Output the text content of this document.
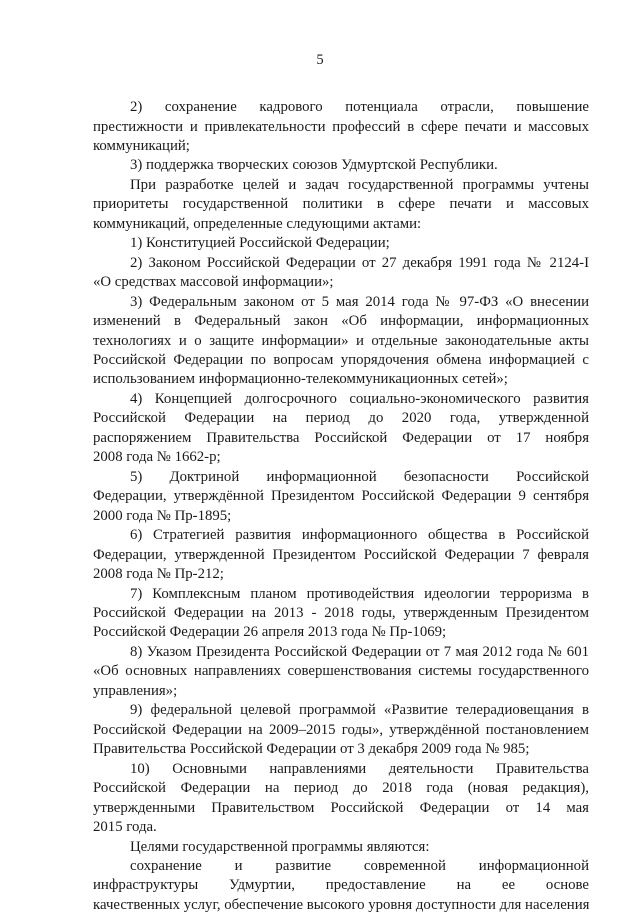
5
2) сохранение кадрового потенциала отрасли, повышение
престижности и привлекательности профессий в сфере печати и массовых
коммуникаций;
3) поддержка творческих союзов Удмуртской Республики.
При разработке целей и задач государственной программы учтены
приоритеты государственной политики в сфере печати и массовых
коммуникаций, определенные следующими актами:
1) Конституцией Российской Федерации;
2) Законом Российской Федерации от 27 декабря 1991 года № 2124-I
«О средствах массовой информации»;
3) Федеральным законом от 5 мая 2014 года № 97-ФЗ «О внесении
изменений в Федеральный закон «Об информации, информационных
технологиях и о защите информации» и отдельные законодательные акты
Российской Федерации по вопросам упорядочения обмена информацией с
использованием информационно-телекоммуникационных сетей»;
4) Концепцией долгосрочного социально-экономического развития
Российской Федерации на период до 2020 года, утвержденной
распоряжением Правительства Российской Федерации от 17 ноября
2008 года № 1662-р;
5) Доктриной информационной безопасности Российской
Федерации, утверждённой Президентом Российской Федерации 9 сентября
2000 года № Пр-1895;
6) Стратегией развития информационного общества в Российской
Федерации, утвержденной Президентом Российской Федерации 7 февраля
2008 года № Пр-212;
7) Комплексным планом противодействия идеологии терроризма в
Российской Федерации на 2013 - 2018 годы, утвержденным Президентом
Российской Федерации 26 апреля 2013 года № Пр-1069;
8) Указом Президента Российской Федерации от 7 мая 2012 года № 601
«Об основных направлениях совершенствования системы государственного
управления»;
9) федеральной целевой программой «Развитие телерадиовещания в
Российской Федерации на 2009–2015 годы», утверждённой постановлением
Правительства Российской Федерации от 3 декабря 2009 года № 985;
10) Основными направлениями деятельности Правительства
Российской Федерации на период до 2018 года (новая редакция),
утвержденными Правительством Российской Федерации от 14 мая
2015 года.
Целями государственной программы являются:
сохранение и развитие современной информационной
инфраструктуры Удмуртии, предоставление на ее основе
качественных услуг, обеспечение высокого уровня доступности для населения
